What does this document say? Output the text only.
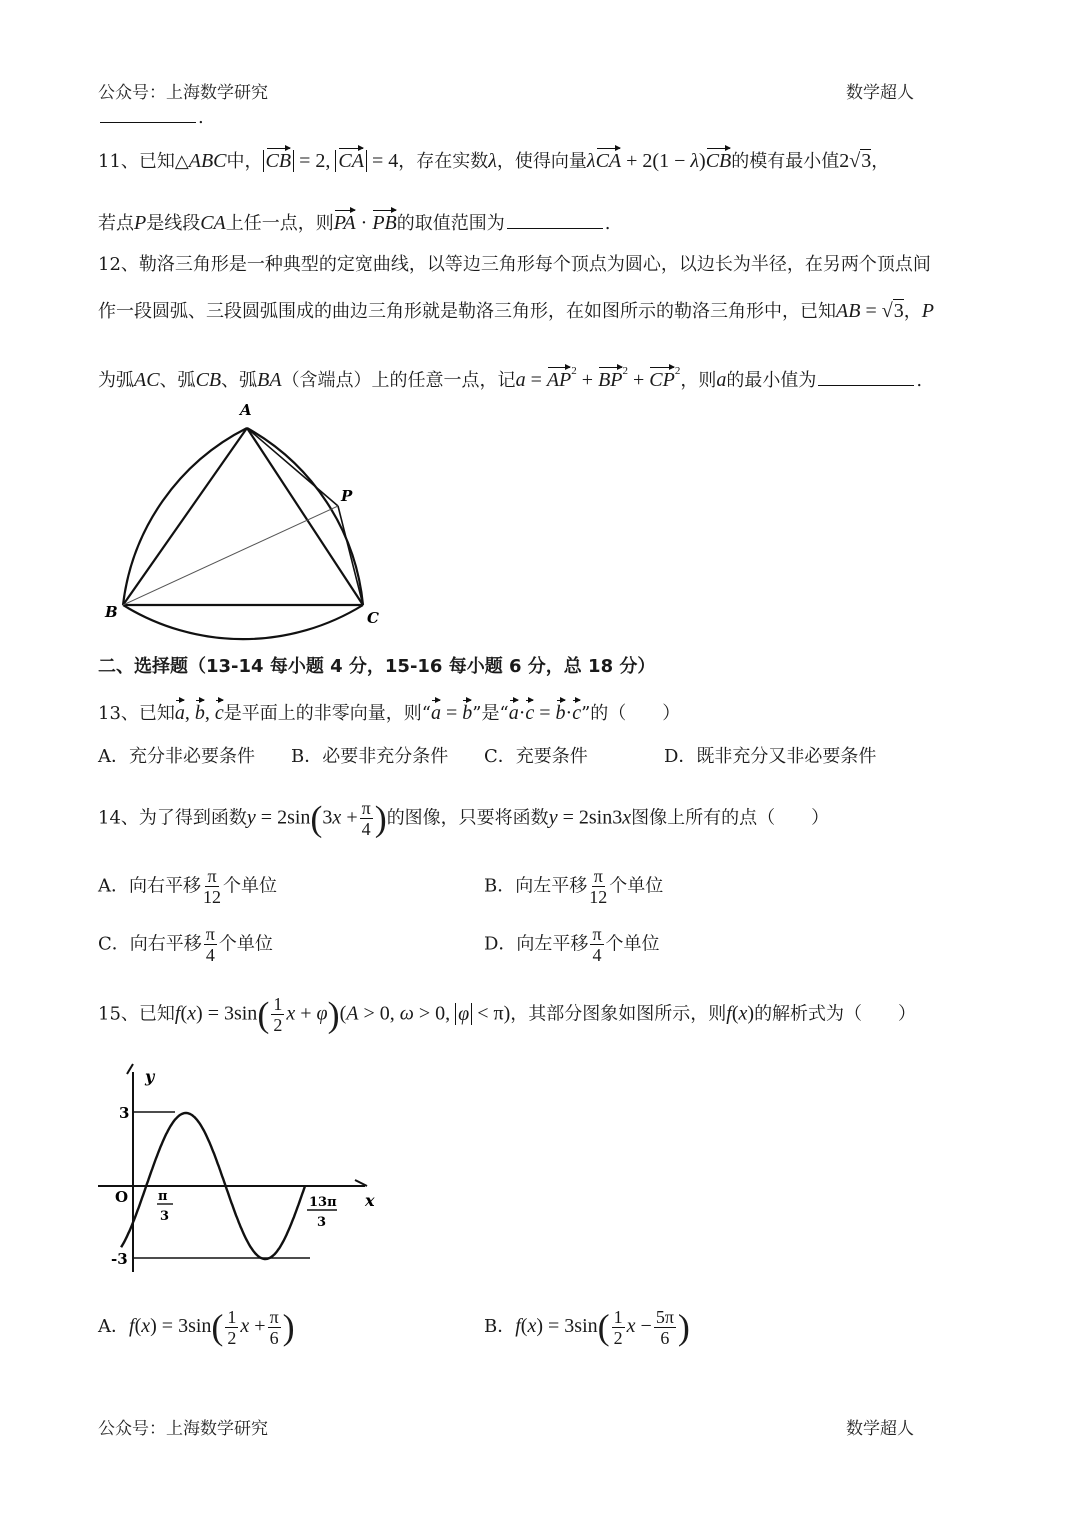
公众号：上海数学研究	数学超人
.
11、已知△ABC中， CB = 2, CA = 4，存在实数λ，使得向量λCA + 2(1 − λ)CB的模有最小值2√3，
若点P是线段CA上任一点，则PA · PB的取值范围为	.
12、勒洛三角形是一种典型的定宽曲线，以等边三角形每个顶点为圆心，以边长为半径，在另两个顶点间
作一段圆弧、三段圆弧围成的曲边三角形就是勒洛三角形，在如图所示的勒洛三角形中，已知AB = √3，P
为弧AC、弧CB、弧BA（含端点）上的任意一点，记$a = AP^2 + BP^2 + CP^2$，则a的最小值为	.
A
B	C
P
二、选择题（13-14 每小题 4 分，15-16 每小题 6 分，总 18 分）
13、已知a, b, c是平面上的非零向量，则“a = b”是“a·c = b·c”的（　　）
A．充分非必要条件 B．必要非充分条件 C．充要条件	D．既非充分又非必要条件
14、为了得到函数$y = 2\sin(3x + \frac{\pi}{4}$ )的图像，只要将函数y = 2sin3x图像上所有的点（　　）
A．向右平移 $\frac{\pi}{12}$ 个单位	B．向左平移 $\frac{\pi}{12}$ 个单位
C．向右平移 $\frac{\pi}{4}$ 个单位	D．向左平移 $\frac{\pi}{4}$ 个单位
15、已知$f(x) = 3\sin( \frac{1}{2}$ x + φ)(A > 0, ω > 0, φ < π)，其部分图象如图所示，则f(x)的解析式为（　　）
y
x
O
3
-3
π
3
13π
3
A．$f(x) = 3\sin( \frac{1}{2}$ $x + \frac{\pi}{6}$ )	B．$f(x) = 3\sin( \frac{1}{2}$ $x - \frac{5\pi}{6}$ )
公众号：上海数学研究	数学超人
